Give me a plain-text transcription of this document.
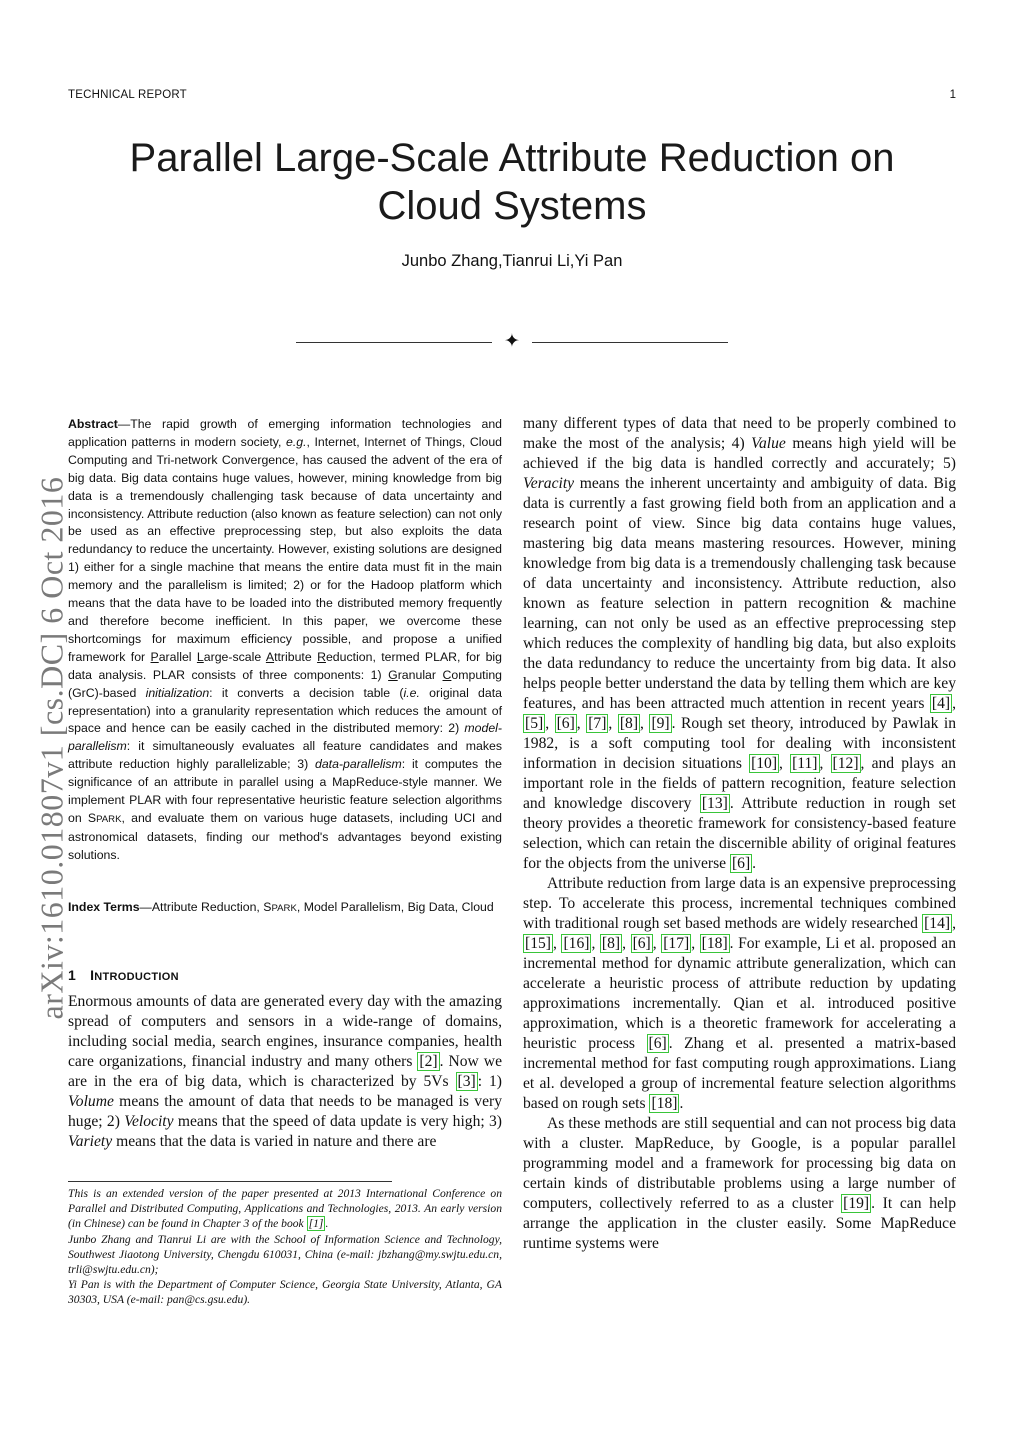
TECHNICAL REPORT	1
Parallel Large-Scale Attribute Reduction on
Cloud Systems
Junbo Zhang,Tianrui Li,Yi Pan
✦
arXiv:1610.01807v1 [cs.DC] 6 Oct 2016
Abstract—The rapid growth of emerging information technologies and application patterns in modern society, e.g., Internet, Internet of Things, Cloud Computing and Tri-network Convergence, has caused the advent of the era of big data. Big data contains huge values, however, mining knowledge from big data is a tremendously challenging task because of data uncertainty and inconsistency. Attribute reduction (also known as feature selection) can not only be used as an effective preprocessing step, but also exploits the data redundancy to reduce the uncertainty. However, existing solutions are designed 1) either for a single machine that means the entire data must fit in the main memory and the parallelism is limited; 2) or for the Hadoop platform which means that the data have to be loaded into the distributed memory frequently and therefore become inefficient. In this paper, we overcome these shortcomings for maximum efficiency possible, and propose a unified framework for Parallel Large-scale Attribute Reduction, termed PLAR, for big data analysis. PLAR consists of three components: 1) Granular Computing (GrC)-based initialization: it converts a decision table (i.e. original data representation) into a granularity representation which reduces the amount of space and hence can be easily cached in the distributed memory: 2) model-parallelism: it simultaneously evaluates all feature candidates and makes attribute reduction highly parallelizable; 3) data-parallelism: it computes the significance of an attribute in parallel using a MapReduce-style manner. We implement PLAR with four representative heuristic feature selection algorithms on SPARK, and evaluate them on various huge datasets, including UCI and astronomical datasets, finding our method's advantages beyond existing solutions.
Index Terms—Attribute Reduction, SPARK, Model Parallelism, Big Data, Cloud
1 INTRODUCTION
Enormous amounts of data are generated every day with the amazing spread of computers and sensors in a wide-range of domains, including social media, search engines, insurance companies, health care organizations, financial industry and many others [2] . Now we are in the era of big data, which is characterized by 5Vs [3] : 1) Volume means the amount of data that needs to be managed is very huge; 2) Velocity means that the speed of data update is very high; 3) Variety means that the data is varied in nature and there are

This is an extended version of the paper presented at 2013 International Conference on Parallel and Distributed Computing, Applications and Technologies, 2013. An early version (in Chinese) can be found in Chapter 3 of the book [1] .

Junbo Zhang and Tianrui Li are with the School of Information Science and Technology, Southwest Jiaotong University, Chengdu 610031, China (e-mail: jbzhang@my.swjtu.edu.cn, trli@swjtu.edu.cn);

Yi Pan is with the Department of Computer Science, Georgia State University, Atlanta, GA 30303, USA (e-mail: pan@cs.gsu.edu).

many different types of data that need to be properly combined to make the most of the analysis; 4) Value means high yield will be achieved if the big data is handled correctly and accurately; 5) Veracity means the inherent uncertainty and ambiguity of data. Big data is currently a fast growing field both from an application and a research point of view. Since big data contains huge values, mastering big data means mastering resources. However, mining knowledge from big data is a tremendously challenging task because of data uncertainty and inconsistency. Attribute reduction, also known as feature selection in pattern recognition & machine learning, can not only be used as an effective preprocessing step which reduces the complexity of handling big data, but also exploits the data redundancy to reduce the uncertainty from big data. It also helps people better understand the data by telling them which are key features, and has been attracted much attention in recent years [4] , [5] , [6] , [7] , [8] , [9] . Rough set theory, introduced by Pawlak in 1982, is a soft computing tool for dealing with inconsistent information in decision situations [10] , [11] , [12] , and plays an important role in the fields of pattern recognition, feature selection and knowledge discovery [13] . Attribute reduction in rough set theory provides a theoretic framework for consistency-based feature selection, which can retain the discernible ability of original features for the objects from the universe [6] .

Attribute reduction from large data is an expensive preprocessing step. To accelerate this process, incremental techniques combined with traditional rough set based methods are widely researched [14] , [15] , [16] , [8] , [6] , [17] , [18] . For example, Li et al. proposed an incremental method for dynamic attribute generalization, which can accelerate a heuristic process of attribute reduction by updating approximations incrementally. Qian et al. introduced positive approximation, which is a theoretic framework for accelerating a heuristic process [6] . Zhang et al. presented a matrix-based incremental method for fast computing rough approximations. Liang et al. developed a group of incremental feature selection algorithms based on rough sets [18] .

As these methods are still sequential and can not process big data with a cluster. MapReduce, by Google, is a popular parallel programming model and a framework for processing big data on certain kinds of distributable problems using a large number of computers, collectively referred to as a cluster [19] . It can help arrange the application in the cluster easily. Some MapReduce runtime systems were
